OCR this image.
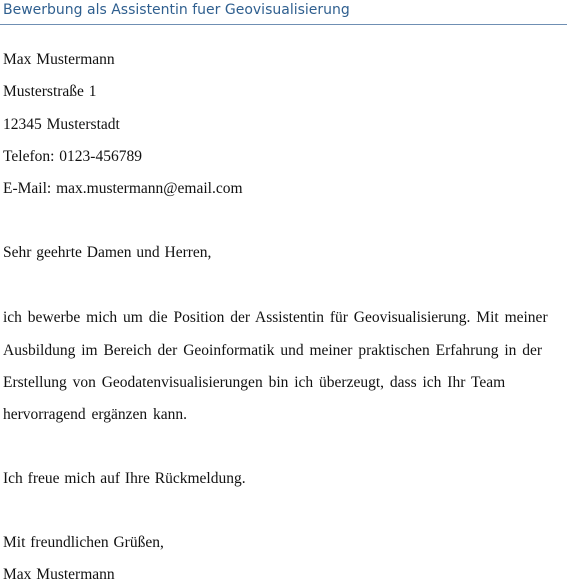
Bewerbung als Assistentin fuer Geovisualisierung
Max Mustermann
Musterstraße 1
12345 Musterstadt
Telefon: 0123-456789
E-Mail: max.mustermann@email.com
Sehr geehrte Damen und Herren,
ich bewerbe mich um die Position der Assistentin für Geovisualisierung. Mit meiner
Ausbildung im Bereich der Geoinformatik und meiner praktischen Erfahrung in der
Erstellung von Geodatenvisualisierungen bin ich überzeugt, dass ich Ihr Team
hervorragend ergänzen kann.
Ich freue mich auf Ihre Rückmeldung.
Mit freundlichen Grüßen,
Max Mustermann
